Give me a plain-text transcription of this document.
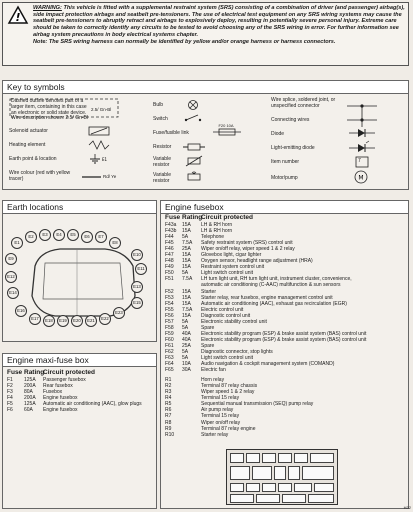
!
WARNING: This vehicle is fitted with a supplemental restraint system (SRS) consisting of a combination of driver (and passenger) airbag(s), side impact protection airbags and seatbelt pre-tensioners. The use of electrical test equipment on any SRS wiring systems may cause the seatbelt pre-tensioners to abruptly retract and airbags to explosively deploy, resulting in potentially severe personal injury. Extreme care should be taken to correctly identify any circuits to be tested to avoid choosing any of the SRS wiring in error. For further information see airbag system precautions in body electrical systems chapter.
Note: The SRS wiring harness can normally be identified by yellow and/or orange harness or harness connectors.
Key to symbols
Dashed outline denotes part of a larger item, containing in this case an electronic or solid state device. Wire description shown: 2.5/ Gn-Bl
2.5/ Gn-Bl
Solenoid actuator
Heating element
Earth point & location	E1
Wire colour (red with yellow tracer)	Rd/ Ye
Bulb
Switch
Fuse/fusible link
F20 10A
Resistor
Variable resistor
Variable resistor
Wire splice, soldered joint, or unspecified connector
Connecting wires
Diode
Light-emitting diode
Item number	7
Motor/pump	M
Earth locations
E1
E2	E3	E4	E5	E6	E7
E8
E9
E10
E11
E12
E13
E14
E15
E16
E17	E18	E19	E20	E21	E22
E23
Engine maxi-fuse box
Fuse RatingCircuit protected
F1 125A Passenger fusebox
F2 200A Rear fusebox
F3 80A Fusebox
F4 200A Engine fusebox
F5 125A Automatic air conditioning (AAC), glow plugs
F6 60A Engine fusebox
Engine fusebox
Fuse RatingCircuit protected
F43a 15A LH & RH horn
F43b 15A LH & RH horn
F44 5A	Telephone
F45 7.5A Safety restraint system (SRS) control unit
F46 25A Wiper on/off relay, wiper speed 1 & 2 relay
F47 15A Glovebox light, cigar lighter
F48 15A Oxygen sensor, headlight range adjustment (HRA)
F49 15A Restraint system control unit
F50 5A	Light switch control unit
F51 7.5A LH turn light unit, RH turn light unit, instrument cluster, convenience,
automatic air conditioning (C-AAC) multifunction & sun sensors
F52 15A Starter
F53 15A Starter relay, rear fusebox, engine management control unit
F54 15A Automatic air conditioning (AAC), exhaust gas recirculation (EGR)
F55 7.5A Electric control unit
F56 15A Diagnostic control unit
F57 5A	Electronic stability control unit
F58 5A	Spare
F59 40A Electronic stability program (ESP) & brake assist system (BAS) control unit
F60 40A Electronic stability program (ESP) & brake assist system (BAS) control unit
F61 25A Spare
F62 5A	Diagnostic connector, stop lights
F63 5A	Light switch control unit
F64 10A Audio navigation & cockpit management system (COMAND)
F65 30A Electric fan
R1	Horn relay
R2	Terminal 87 relay chassis
R3	Wiper speed 1 & 2 relay
R4	Terminal 15 relay
R5	Sequential manual transmission (SEQ) pump relay
R6	Air pump relay
R7	Terminal 15 relay
R8	Wiper on/off relay
R9	Terminal 87 relay engine
R10	Starter relay
H32
